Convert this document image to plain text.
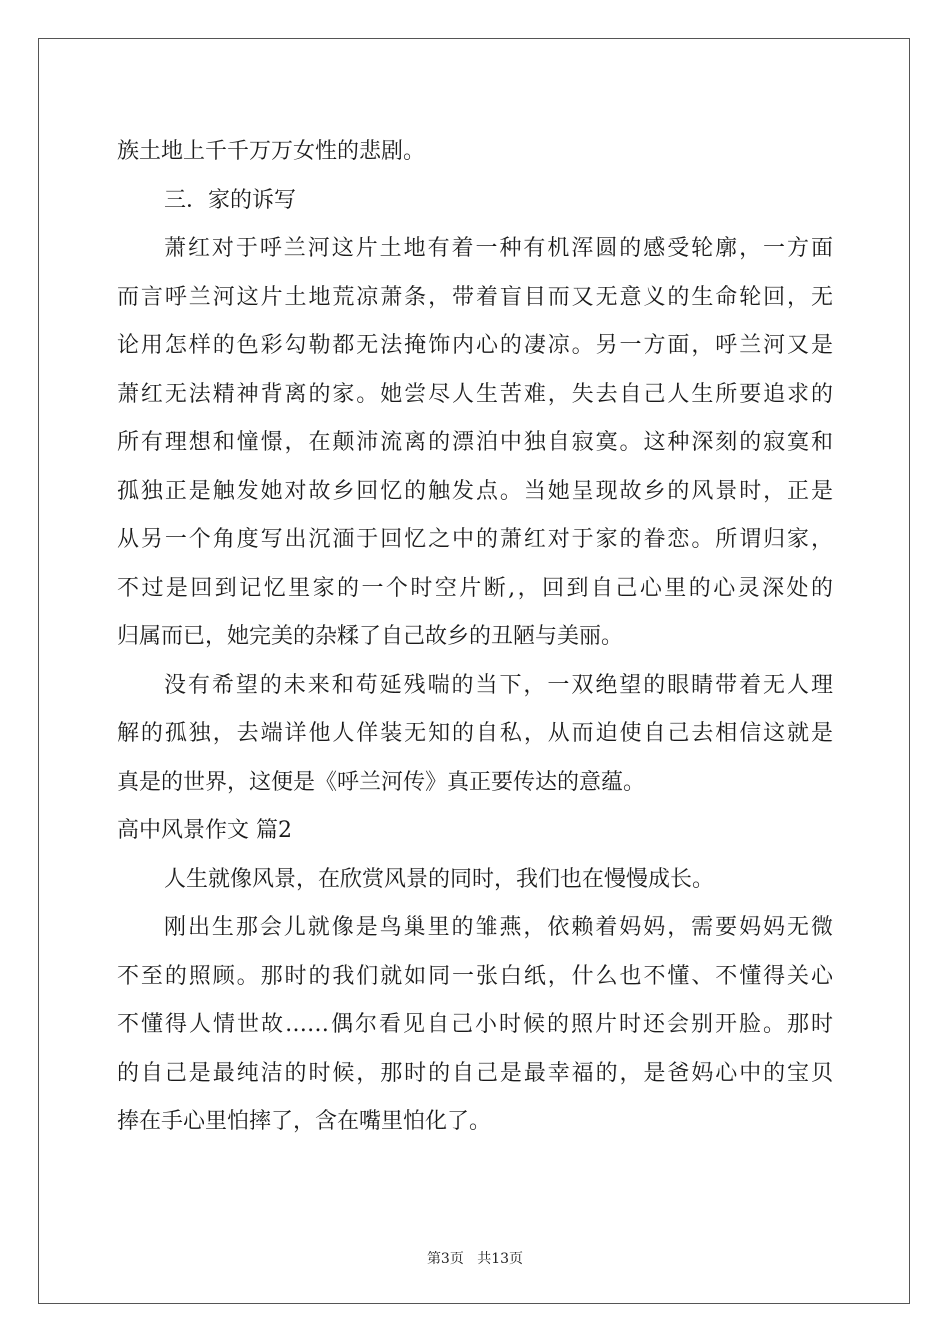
族土地上千千万万女性的悲剧。
三．家的诉写
萧红对于呼兰河这片土地有着一种有机浑圆的感受轮廓，一方面
而言呼兰河这片土地荒凉萧条，带着盲目而又无意义的生命轮回，无
论用怎样的色彩勾勒都无法掩饰内心的凄凉。另一方面，呼兰河又是
萧红无法精神背离的家。她尝尽人生苦难，失去自己人生所要追求的
所有理想和憧憬，在颠沛流离的漂泊中独自寂寞。这种深刻的寂寞和
孤独正是触发她对故乡回忆的触发点。当她呈现故乡的风景时，正是
从另一个角度写出沉湎于回忆之中的萧红对于家的眷恋。所谓归家，
不过是回到记忆里家的一个时空片断,，回到自己心里的心灵深处的
归属而已，她完美的杂糅了自己故乡的丑陋与美丽。
没有希望的未来和苟延残喘的当下，一双绝望的眼睛带着无人理
解的孤独，去端详他人佯装无知的自私，从而迫使自己去相信这就是
真是的世界，这便是《呼兰河传》真正要传达的意蕴。
高中风景作文 篇2
人生就像风景，在欣赏风景的同时，我们也在慢慢成长。
刚出生那会儿就像是鸟巢里的雏燕，依赖着妈妈，需要妈妈无微
不至的照顾。那时的我们就如同一张白纸，什么也不懂、不懂得关心
不懂得人情世故……偶尔看见自己小时候的照片时还会别开脸。那时
的自己是最纯洁的时候，那时的自己是最幸福的，是爸妈心中的宝贝
捧在手心里怕摔了，含在嘴里怕化了。
第3页 共13页
